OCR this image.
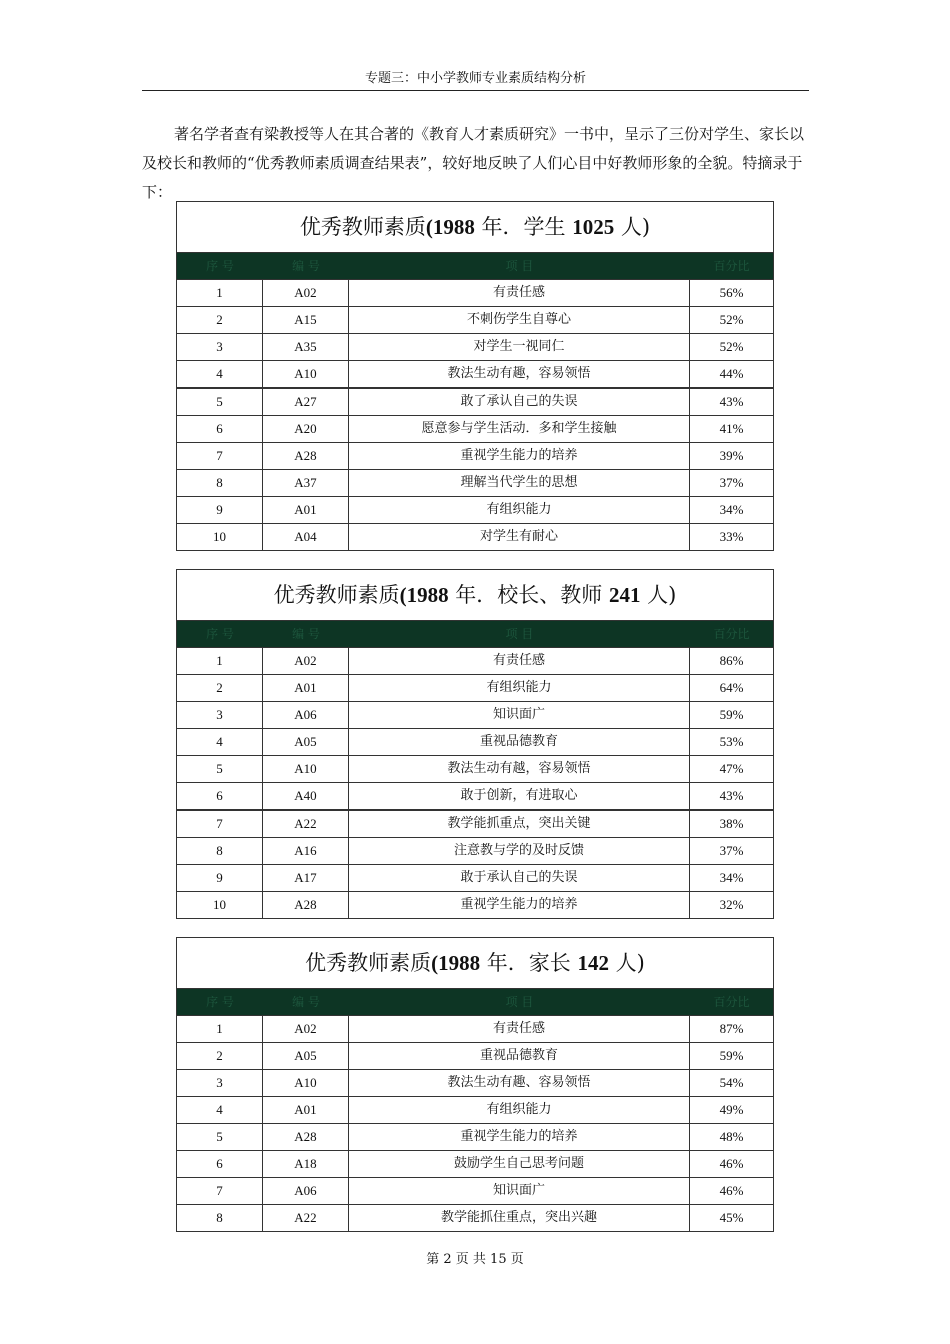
专题三：中小学教师专业素质结构分析

著名学者查有梁教授等人在其合著的《教育人才素质研究》一书中，呈示了三份对学生、家长以及校长和教师的“优秀教师素质调查结果表”，较好地反映了人们心目中好教师形象的全貌。特摘录于下：

优秀教师素质(1988 年．学生 1025 人)
序 号	编 号	项 目	百分比
1	A02	有责任感	56%
2	A15	不刺伤学生自尊心	52%
3	A35	对学生一视同仁	52%
4	A10	教法生动有趣，容易领悟	44%
5	A27	敢了承认自己的失误	43%
6	A20	愿意参与学生活动．多和学生接触	41%
7	A28	重视学生能力的培养	39%
8	A37	理解当代学生的思想	37%
9	A01	有组织能力	34%
10	A04	对学生有耐心	33%
优秀教师素质(1988 年．校长、教师 241 人)
序 号	编 号	项 目	百分比
1	A02	有责任感	86%
2	A01	有组织能力	64%
3	A06	知识面广	59%
4	A05	重视品德教育	53%
5	A10	教法生动有越，容易领悟	47%
6	A40	敢于创新，有进取心	43%
7	A22	教学能抓重点，突出关键	38%
8	A16	注意教与学的及时反馈	37%
9	A17	敢于承认自己的失误	34%
10	A28	重视学生能力的培养	32%
优秀教师素质(1988 年．家长 142 人)
序 号	编 号	项 目	百分比
1	A02	有责任感	87%
2	A05	重视品德教育	59%
3	A10	教法生动有趣、容易领悟	54%
4	A01	有组织能力	49%
5	A28	重视学生能力的培养	48%
6	A18	鼓励学生自己思考问题	46%
7	A06	知识面广	46%
8	A22	教学能抓住重点，突出兴趣	45%
第 2 页 共 15 页
